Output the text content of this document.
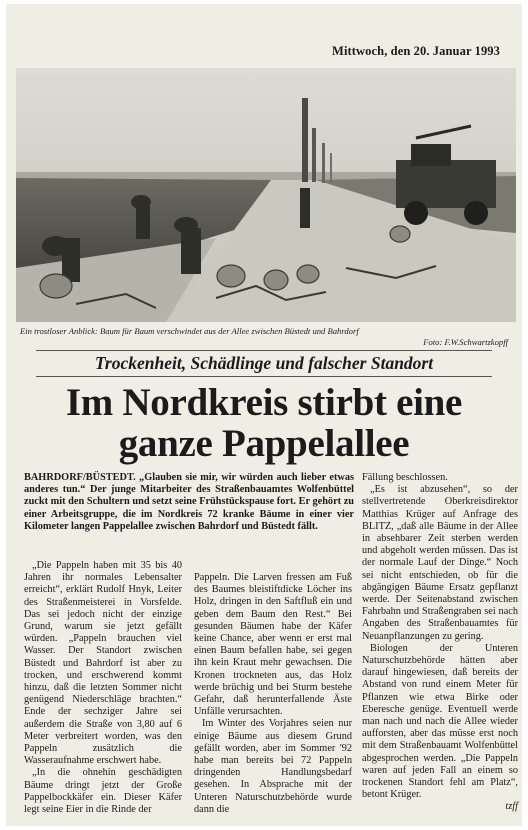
Mittwoch, den 20. Januar 1993
Ein trostloser Anblick: Baum für Baum verschwindet aus der Allee zwischen Büstedt und Bahrdorf
Foto: F.W.Schwartzkopff
Trockenheit, Schädlinge und falscher Standort
Im Nordkreis stirbt eine ganze Pappelallee
BAHRDORF/BÜSTEDT. „Glauben sie mir, wir würden auch lieber etwas anderes tun.“ Der junge Mitarbeiter des Straßenbauamtes Wolfenbüttel zuckt mit den Schultern und setzt seine Frühstückspause fort. Er gehört zu einer Arbeitsgruppe, die im Nordkreis 72 kranke Bäume in einer vier Kilometer langen Pappelallee zwischen Bahrdorf und Büstedt fällt.

„Die Pappeln haben mit 35 bis 40 Jahren ihr normales Lebensalter erreicht“, erklärt Rudolf Hnyk, Leiter des Straßenmeisterei in Vorsfelde. Das sei jedoch nicht der einzige Grund, warum sie jetzt gefällt würden. „Pappeln brauchen viel Wasser. Der Standort zwischen Büstedt und Bahrdorf ist aber zu trocken, und erschwerend kommt hinzu, daß die letzten Sommer nicht genügend Niederschläge brachten.“ Ende der sechziger Jahre sei außerdem die Straße von 3,80 auf 6 Meter verbreitert worden, was den Pappeln zusätzlich die Wasseraufnahme erschwert habe.

„In die ohnehin geschädigten Bäume dringt jetzt der Große Pappelbockkäfer ein. Dieser Käfer legt seine Eier in die Rinde der

Pappeln. Die Larven fressen am Fuß des Baumes bleistiftdicke Löcher ins Holz, dringen in den Saftfluß ein und geben dem Baum den Rest.“ Bei gesunden Bäumen habe der Käfer keine Chance, aber wenn er erst mal einen Baum befallen habe, sei gegen ihn kein Kraut mehr gewachsen. Die Kronen trockneten aus, das Holz werde brüchig und bei Sturm bestehe Gefahr, daß herunterfallende Äste Unfälle verursachten.

Im Winter des Vorjahres seien nur einige Bäume aus diesem Grund gefällt worden, aber im Sommer '92 habe man bereits bei 72 Pappeln dringenden Handlungsbedarf gesehen. In Absprache mit der Unteren Naturschutzbehörde wurde dann die

Fällung beschlossen.

„Es ist abzusehen“, so der stellvertretende Oberkreisdirektor Matthias Krüger auf Anfrage des BLITZ, „daß alle Bäume in der Allee in absehbarer Zeit sterben werden und abgeholt werden müssen. Das ist der normale Lauf der Dinge.“ Noch sei nicht entschieden, ob für die abgängigen Bäume Ersatz gepflanzt werde. Der Seitenabstand zwischen Fahrbahn und Straßengraben sei nach Angaben des Straßenbauamtes für Neuanpflanzungen zu gering.

Biologen der Unteren Naturschutzbehörde hätten aber darauf hingewiesen, daß bereits der Abstand von rund einem Meter für Pflanzen wie etwa Birke oder Eberesche genüge. Eventuell werde man nach und nach die Allee wieder aufforsten, aber das müsse erst noch mit dem Straßenbauamt Wolfenbüttel abgesprochen werden. „Die Pappeln waren auf jeden Fall an einem so trockenen Standort fehl am Platz“, betont Krüger.

tzff
